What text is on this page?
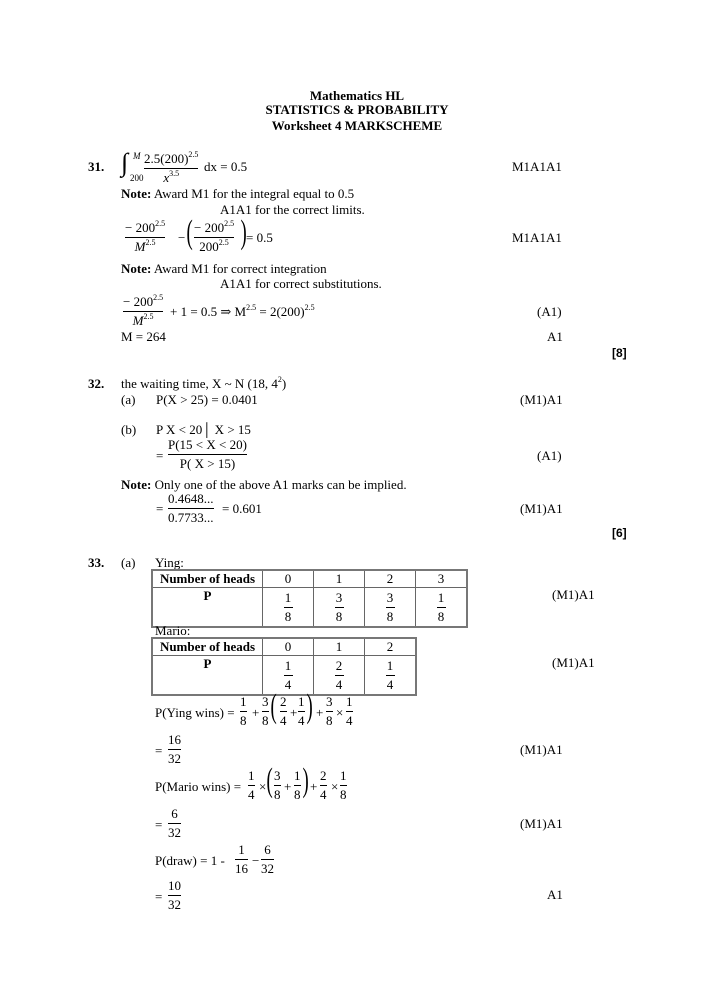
Mathematics HL
STATISTICS & PROBABILITY
Worksheet 4 MARKSCHEME
31. ∫ M
200
$2.5(200)^{2.5}$
$x^{3.5}$ dx = 0.5	M1A1A1
Note: Award M1 for the integral equal to 0.5
A1A1 for the correct limits.
− $200^{2.5}$
$M^{2.5}$ − ( − $200^{2.5}$
$200^{2.5}$ ) = 0.5	M1A1A1
Note: Award M1 for correct integration
A1A1 for correct substitutions.
− $200^{2.5}$
$M^{2.5} + 1 = 0.5$ ⇒ $M^{2.5} = 2(200)^{2.5}$	(A1)
M = 264	A1
[8]
32. the waiting time, X ~ N (18, $4^2$)
(a) P(X > 25) = 0.0401	(M1)A1
(b) P X < 20│ X > 15
=
P(15 < X < 20)
P( X > 15)
(A1)
Note: Only one of the above A1 marks can be implied.
=
0.4648...
0.7733...
= 0.601	(M1)A1
[6]
33. (a) Ying:
Number of heads	0	1	2	3
P	$\frac{1}{8}$	$\frac{3}{8}$	$\frac{3}{8}$	$\frac{1}{8}$	(M1)A1
Mario:
Number of heads	0	1	2
P	$\frac{1}{4}$	$\frac{2}{4}$	$\frac{1}{4}$	(M1)A1
P(Ying wins) =
1
8
+
3
8 ( 2
4
+
1
4 ) +
3
8
×
1
4
=
16
32
(M1)A1
P(Mario wins) =
1
4
× ( 3
8
+
1
8 ) +
2
4
×
1
8
=
6
32
(M1)A1
P(draw) = 1 -
1
16
−
6
32
=
10
32
A1
